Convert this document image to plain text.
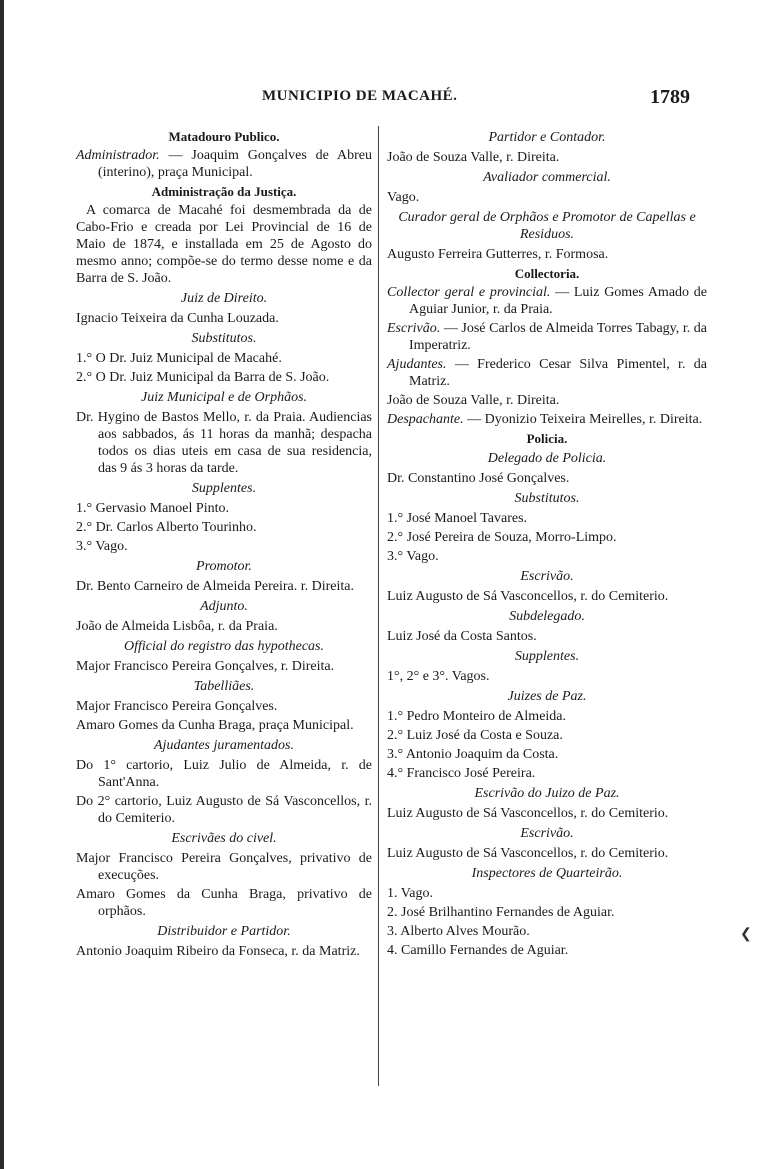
MUNICIPIO DE MACAHÉ.	1789
Matadouro Publico.
Administrador. — Joaquim Gonçalves de Abreu (interino), praça Municipal.
Administração da Justiça.
A comarca de Macahé foi desmembrada da de Cabo-Frio e creada por Lei Provincial de 16 de Maio de 1874, e installada em 25 de Agosto do mesmo anno; compõe-se do termo desse nome e da Barra de S. João.
Juiz de Direito.
Ignacio Teixeira da Cunha Louzada.
Substitutos.
1.° O Dr. Juiz Municipal de Macahé.
2.° O Dr. Juiz Municipal da Barra de S. João.
Juiz Municipal e de Orphãos.
Dr. Hygino de Bastos Mello, r. da Praia. Audiencias aos sabbados, ás 11 horas da manhã; despacha todos os dias uteis em casa de sua residencia, das 9 ás 3 horas da tarde.
Supplentes.
1.° Gervasio Manoel Pinto.
2.° Dr. Carlos Alberto Tourinho.
3.° Vago.
Promotor.
Dr. Bento Carneiro de Almeida Pereira. r. Direita.
Adjunto.
João de Almeida Lisbôa, r. da Praia.
Official do registro das hypothecas.
Major Francisco Pereira Gonçalves, r. Direita.
Tabelliães.
Major Francisco Pereira Gonçalves.
Amaro Gomes da Cunha Braga, praça Municipal.
Ajudantes juramentados.
Do 1° cartorio, Luiz Julio de Almeida, r. de Sant'Anna.
Do 2° cartorio, Luiz Augusto de Sá Vasconcellos, r. do Cemiterio.
Escrivães do civel.
Major Francisco Pereira Gonçalves, privativo de execuções.
Amaro Gomes da Cunha Braga, privativo de orphãos.
Distribuidor e Partidor.
Antonio Joaquim Ribeiro da Fonseca, r. da Matriz.
Partidor e Contador.
João de Souza Valle, r. Direita.
Avaliador commercial.
Vago.
Curador geral de Orphãos e Promotor de Capellas e Residuos.
Augusto Ferreira Gutterres, r. Formosa.
Collectoria.
Collector geral e provincial. — Luiz Gomes Amado de Aguiar Junior, r. da Praia.
Escrivão. — José Carlos de Almeida Torres Tabagy, r. da Imperatriz.
Ajudantes. — Frederico Cesar Silva Pimentel, r. da Matriz.
João de Souza Valle, r. Direita.
Despachante. — Dyonizio Teixeira Meirelles, r. Direita.
Policia.
Delegado de Policia.
Dr. Constantino José Gonçalves.
Substitutos.
1.° José Manoel Tavares.
2.° José Pereira de Souza, Morro-Limpo.
3.° Vago.
Escrivão.
Luiz Augusto de Sá Vasconcellos, r. do Cemiterio.
Subdelegado.
Luiz José da Costa Santos.
Supplentes.
1°, 2° e 3°. Vagos.
Juizes de Paz.
1.° Pedro Monteiro de Almeida.
2.° Luiz José da Costa e Souza.
3.° Antonio Joaquim da Costa.
4.° Francisco José Pereira.
Escrivão do Juizo de Paz.
Luiz Augusto de Sá Vasconcellos, r. do Cemiterio.
Escrivão.
Luiz Augusto de Sá Vasconcellos, r. do Cemiterio.
Inspectores de Quarteirão.
1. Vago.
2. José Brilhantino Fernandes de Aguiar.
3. Alberto Alves Mourão.
4. Camillo Fernandes de Aguiar.
❮
